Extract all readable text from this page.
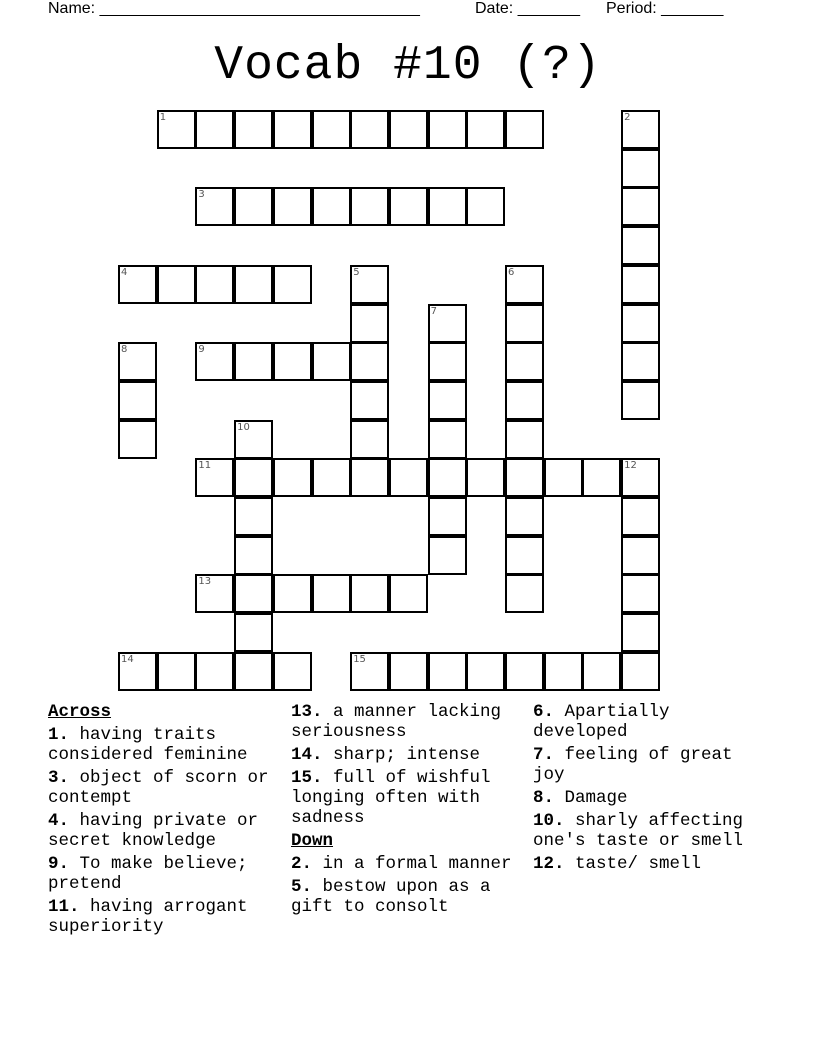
Name: ____________________________________	Date: _______ Period: _______
Vocab #10 (?)
1
3
4
9
11
13
14	15
2
5	6
7
8
10
12
Across
1. having traits considered feminine
3. object of scorn or contempt
4. having private or secret knowledge
9. To make believe; pretend
11. having arrogant superiority
13. a manner lacking seriousness
14. sharp; intense
15. full of wishful longing often with sadness
Down
2. in a formal manner
5. bestow upon as a gift to consolt
6. Apartially developed
7. feeling of great joy
8. Damage
10. sharly affecting one's taste or smell
12. taste/ smell
